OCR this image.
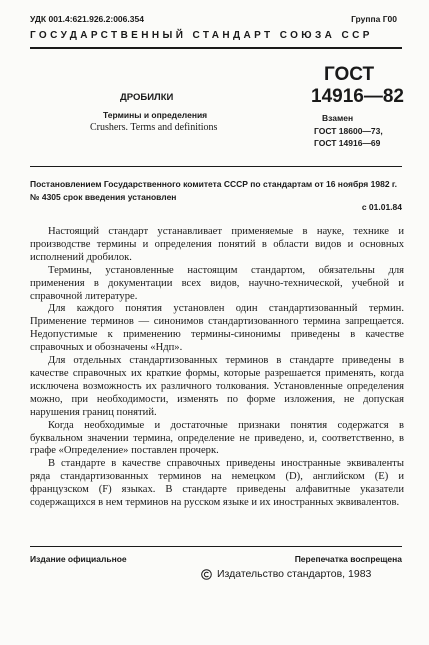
УДК 001.4:621.926.2:006.354	Группа Г00
ГОСУДАРСТВЕННЫЙ СТАНДАРТ СОЮЗА ССР
ДРОБИЛКИ
Термины и определения
Crushers. Terms and definitions
ГОСТ
14916—82
Взамен
ГОСТ 18600—73,
ГОСТ 14916—69
Постановлением Государственного комитета СССР по стандартам от 16 ноября 1982 г. № 4305 срок введения установлен
с 01.01.84

Настоящий стандарт устанавливает применяемые в науке, технике и производстве термины и определения понятий в области видов и основных исполнений дробилок.

Термины, установленные настоящим стандартом, обязательны для применения в документации всех видов, научно-технической, учебной и справочной литературе.

Для каждого понятия установлен один стандартизованный термин. Применение терминов — синонимов стандартизованного термина запрещается. Недопустимые к применению термины-синонимы приведены в качестве справочных и обозначены «Ндп».

Для отдельных стандартизованных терминов в стандарте приведены в качестве справочных их краткие формы, которые разрешается применять, когда исключена возможность их различного толкования. Установленные определения можно, при необходимости, изменять по форме изложения, не допуская нарушения границ понятий.

Когда необходимые и достаточные признаки понятия содержатся в буквальном значении термина, определение не приведено, и, соответственно, в графе «Определение» поставлен прочерк.

В стандарте в качестве справочных приведены иностранные эквиваленты ряда стандартизованных терминов на немецком (D), английском (E) и французском (F) языках. В стандарте приведены алфавитные указатели содержащихся в нем терминов на русском языке и их иностранных эквивалентов.

Издание официальное	Перепечатка воспрещена
Издательство стандартов, 1983
